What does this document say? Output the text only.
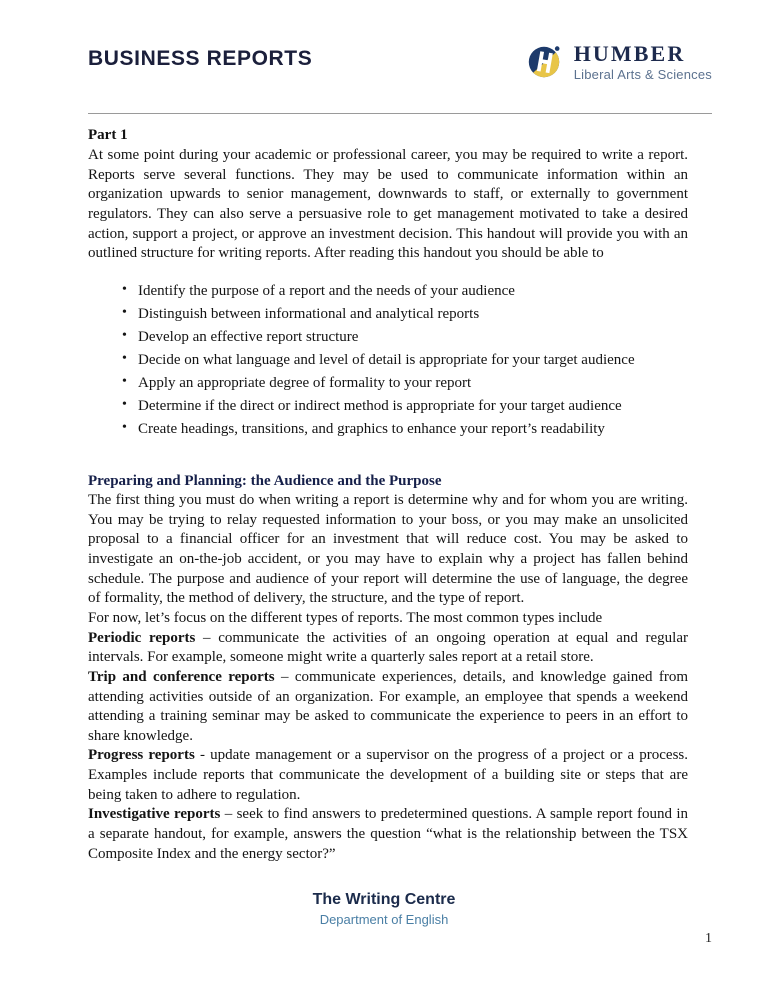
BUSINESS REPORTS	HUMBER
Liberal Arts & Sciences
Part 1

At some point during your academic or professional career, you may be required to write a report. Reports serve several functions. They may be used to communicate information within an organization upwards to senior management, downwards to staff, or externally to government regulators. They can also serve a persuasive role to get management motivated to take a desired action, support a project, or approve an investment decision. This handout will provide you with an outlined structure for writing reports. After reading this handout you should be able to

• Identify the purpose of a report and the needs of your audience
• Distinguish between informational and analytical reports
• Develop an effective report structure
• Decide on what language and level of detail is appropriate for your target audience
• Apply an appropriate degree of formality to your report
• Determine if the direct or indirect method is appropriate for your target audience
• Create headings, transitions, and graphics to enhance your report’s readability
Preparing and Planning: the Audience and the Purpose

The first thing you must do when writing a report is determine why and for whom you are writing. You may be trying to relay requested information to your boss, or you may make an unsolicited proposal to a financial officer for an investment that will reduce cost. You may be asked to investigate an on-the-job accident, or you may have to explain why a project has fallen behind schedule. The purpose and audience of your report will determine the use of language, the degree of formality, the method of delivery, the structure, and the type of report.

For now, let’s focus on the different types of reports. The most common types include

Periodic reports – communicate the activities of an ongoing operation at equal and regular intervals. For example, someone might write a quarterly sales report at a retail store.

Trip and conference reports – communicate experiences, details, and knowledge gained from attending activities outside of an organization. For example, an employee that spends a weekend attending a training seminar may be asked to communicate the experience to peers in an effort to share knowledge.

Progress reports - update management or a supervisor on the progress of a project or a process. Examples include reports that communicate the development of a building site or steps that are being taken to adhere to regulation.

Investigative reports – seek to find answers to predetermined questions. A sample report found in a separate handout, for example, answers the question “what is the relationship between the TSX Composite Index and the energy sector?”

The Writing Centre
Department of English
1
